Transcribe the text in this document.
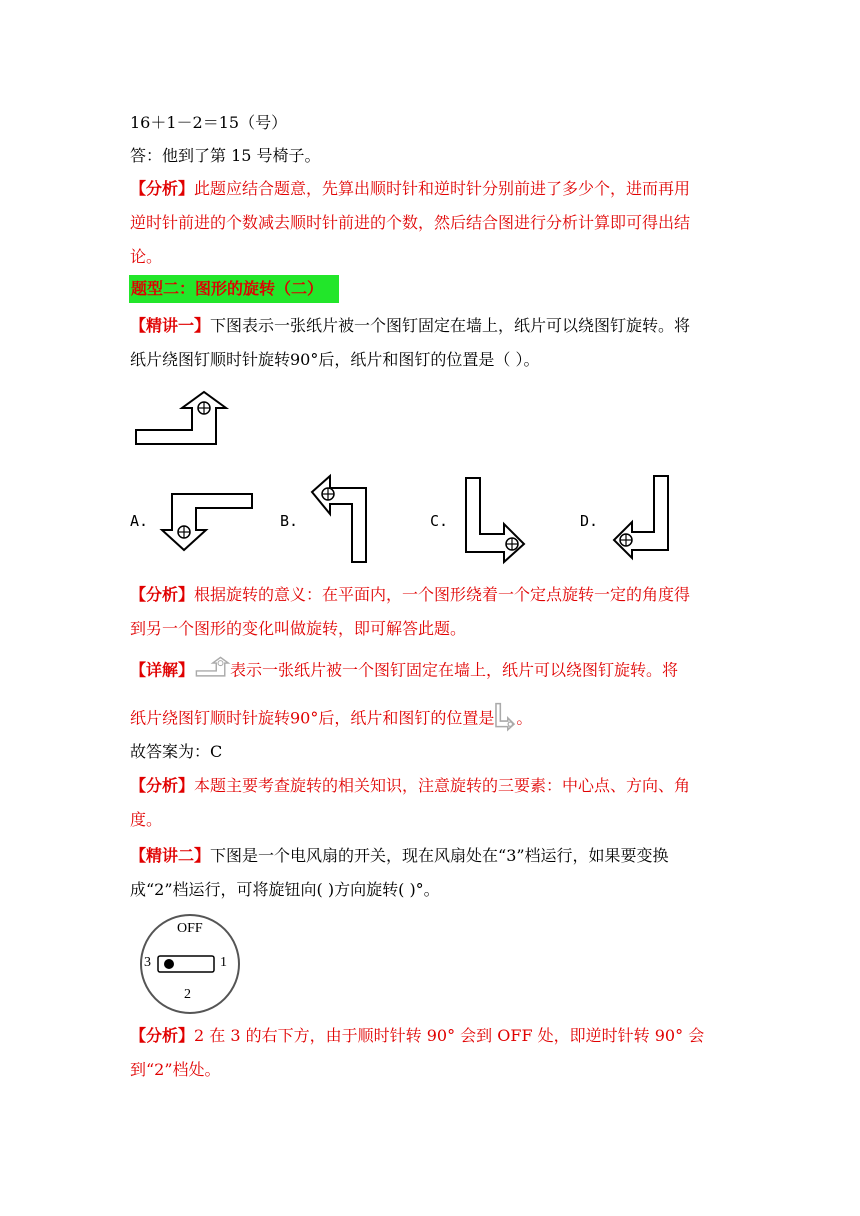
16＋1－2＝15（号）
答：他到了第 15 号椅子。
【分析】此题应结合题意，先算出顺时针和逆时针分别前进了多少个，进而再用
逆时针前进的个数减去顺时针前进的个数，然后结合图进行分析计算即可得出结
论。
题型二：图形的旋转（二）
【精讲一】下图表示一张纸片被一个图钉固定在墙上，纸片可以绕图钉旋转。将
纸片绕图钉顺时针旋转90°后，纸片和图钉的位置是（ ）。
A.	B.	C.	D.
【分析】根据旋转的意义：在平面内，一个图形绕着一个定点旋转一定的角度得
到另一个图形的变化叫做旋转，即可解答此题。
【详解】 表示一张纸片被一个图钉固定在墙上，纸片可以绕图钉旋转。将
纸片绕图钉顺时针旋转90°后，纸片和图钉的位置是 。
故答案为：C
【分析】本题主要考查旋转的相关知识，注意旋转的三要素：中心点、方向、角
度。
【精讲二】下图是一个电风扇的开关，现在风扇处在“3”档运行，如果要变换
成“2”档运行，可将旋钮向( )方向旋转( )°。
OFF
3	1
2
【分析】2 在 3 的右下方，由于顺时针转 90° 会到 OFF 处，即逆时针转 90° 会
到“2”档处。
